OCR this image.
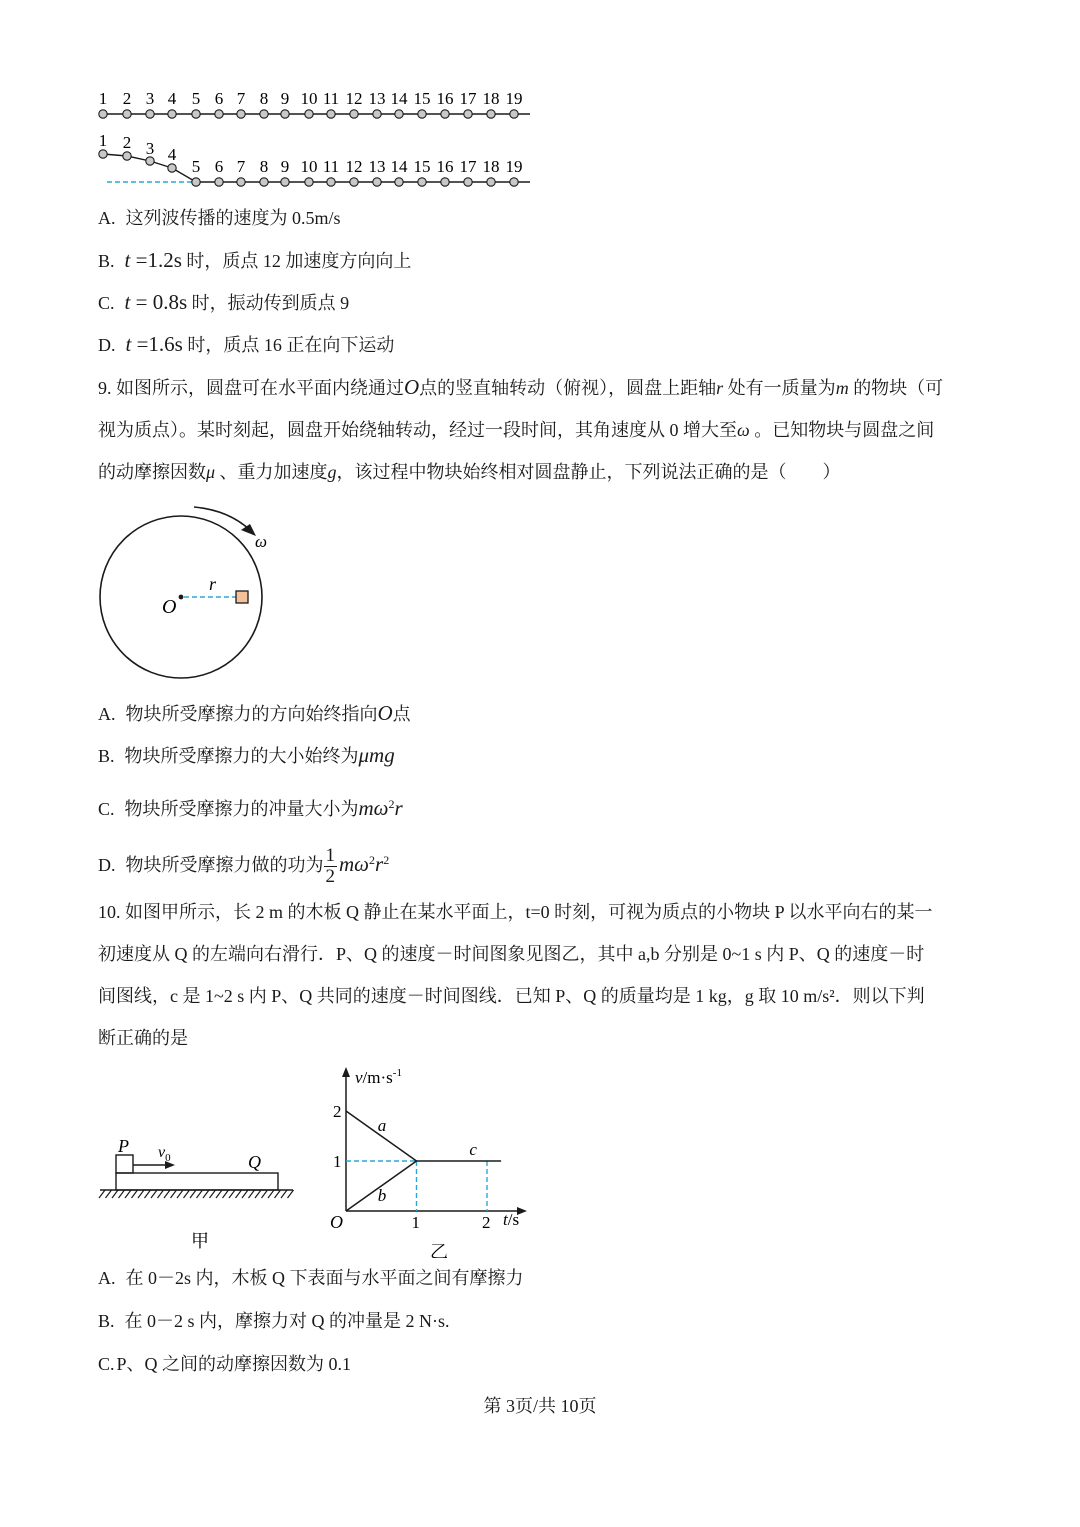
1 2 3 4 5 6 7 8 9 10 11 12 13 14 15 16 17 18 19
1 2 3 4
5 6 7 8 9 10 11 12 13 14 15 16 17 18 19
A. 这列波传播的速度为 0.5m/s
B. t =1.2s 时，质点 12 加速度方向向上
C. t = 0.8s 时，振动传到质点 9
D. t =1.6s 时，质点 16 正在向下运动
9. 如图所示，圆盘可在水平面内绕通过O点的竖直轴转动（俯视），圆盘上距轴r 处有一质量为m 的物块（可
视为质点）。某时刻起，圆盘开始绕轴转动，经过一段时间，其角速度从 0 增大至ω 。已知物块与圆盘之间
的动摩擦因数μ 、重力加速度g，该过程中物块始终相对圆盘静止，下列说法正确的是（　　）
ω
r
O
A. 物块所受摩擦力的方向始终指向O点
B. 物块所受摩擦力的大小始终为μmg
C. 物块所受摩擦力的冲量大小为$m\omega^2r$
D. 物块所受摩擦力做的功为 $\frac{1}{2} m\omega^2r^2$
10. 如图甲所示，长 2 m 的木板 Q 静止在某水平面上，t=0 时刻，可视为质点的小物块 P 以水平向右的某一
初速度从 Q 的左端向右滑行．P、Q 的速度－时间图象见图乙，其中 a,b 分别是 0~1 s 内 P、Q 的速度－时
间图线，c 是 1~2 s 内 P、Q 共同的速度－时间图线．已知 P、Q 的质量均是 1 kg，g 取 10 m/s²．则以下判
断正确的是
P $v_0$	Q
甲
$v/m\cdot s^{-1}$
t/s
O
a
b
c
1
2
1	2
乙
A. 在 0－2s 内，木板 Q 下表面与水平面之间有摩擦力
B. 在 0－2 s 内，摩擦力对 Q 的冲量是 2 N·s.
C. P、Q 之间的动摩擦因数为 0.1
第 3页/共 10页
